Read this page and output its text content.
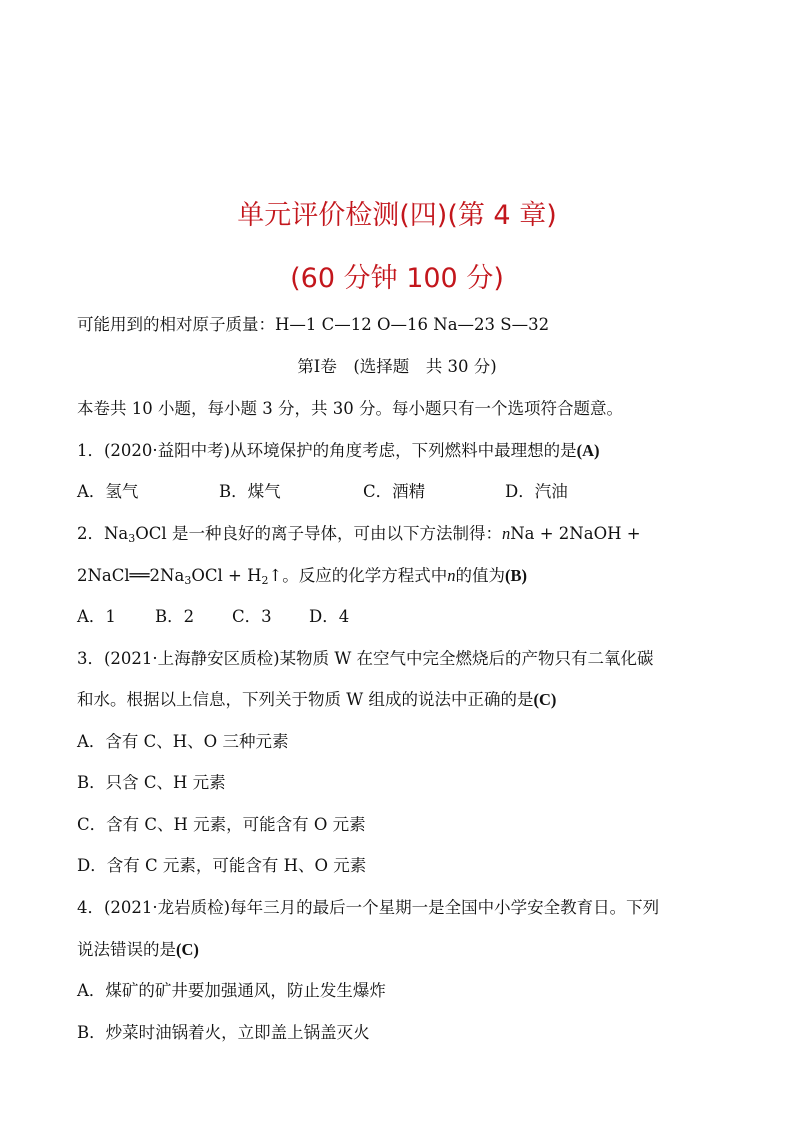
单元评价检测(四)(第 4 章)
(60 分钟 100 分)
可能用到的相对原子质量：H—1 C—12 O—16 Na—23 S—32
第Ⅰ卷　(选择题　共 30 分)
本卷共 10 小题，每小题 3 分，共 30 分。每小题只有一个选项符合题意。
1．(2020·益阳中考)从环境保护的角度考虑，下列燃料中最理想的是(A)
A．氢气	B．煤气	C．酒精	D．汽油
2．$Na_3OCl$ 是一种良好的离子导体，可由以下方法制得：nNa + 2NaOH +
$2NaCl══2Na_3OCl$ + $H_2↑$。反应的化学方程式中n的值为(B)
A．1 B．2 C．3 D．4
3．(2021·上海静安区质检)某物质 W 在空气中完全燃烧后的产物只有二氧化碳
和水。根据以上信息，下列关于物质 W 组成的说法中正确的是(C)
A．含有 C、H、O 三种元素
B．只含 C、H 元素
C．含有 C、H 元素，可能含有 O 元素
D．含有 C 元素，可能含有 H、O 元素
4．(2021·龙岩质检)每年三月的最后一个星期一是全国中小学安全教育日。下列
说法错误的是(C)
A．煤矿的矿井要加强通风，防止发生爆炸
B．炒菜时油锅着火，立即盖上锅盖灭火
